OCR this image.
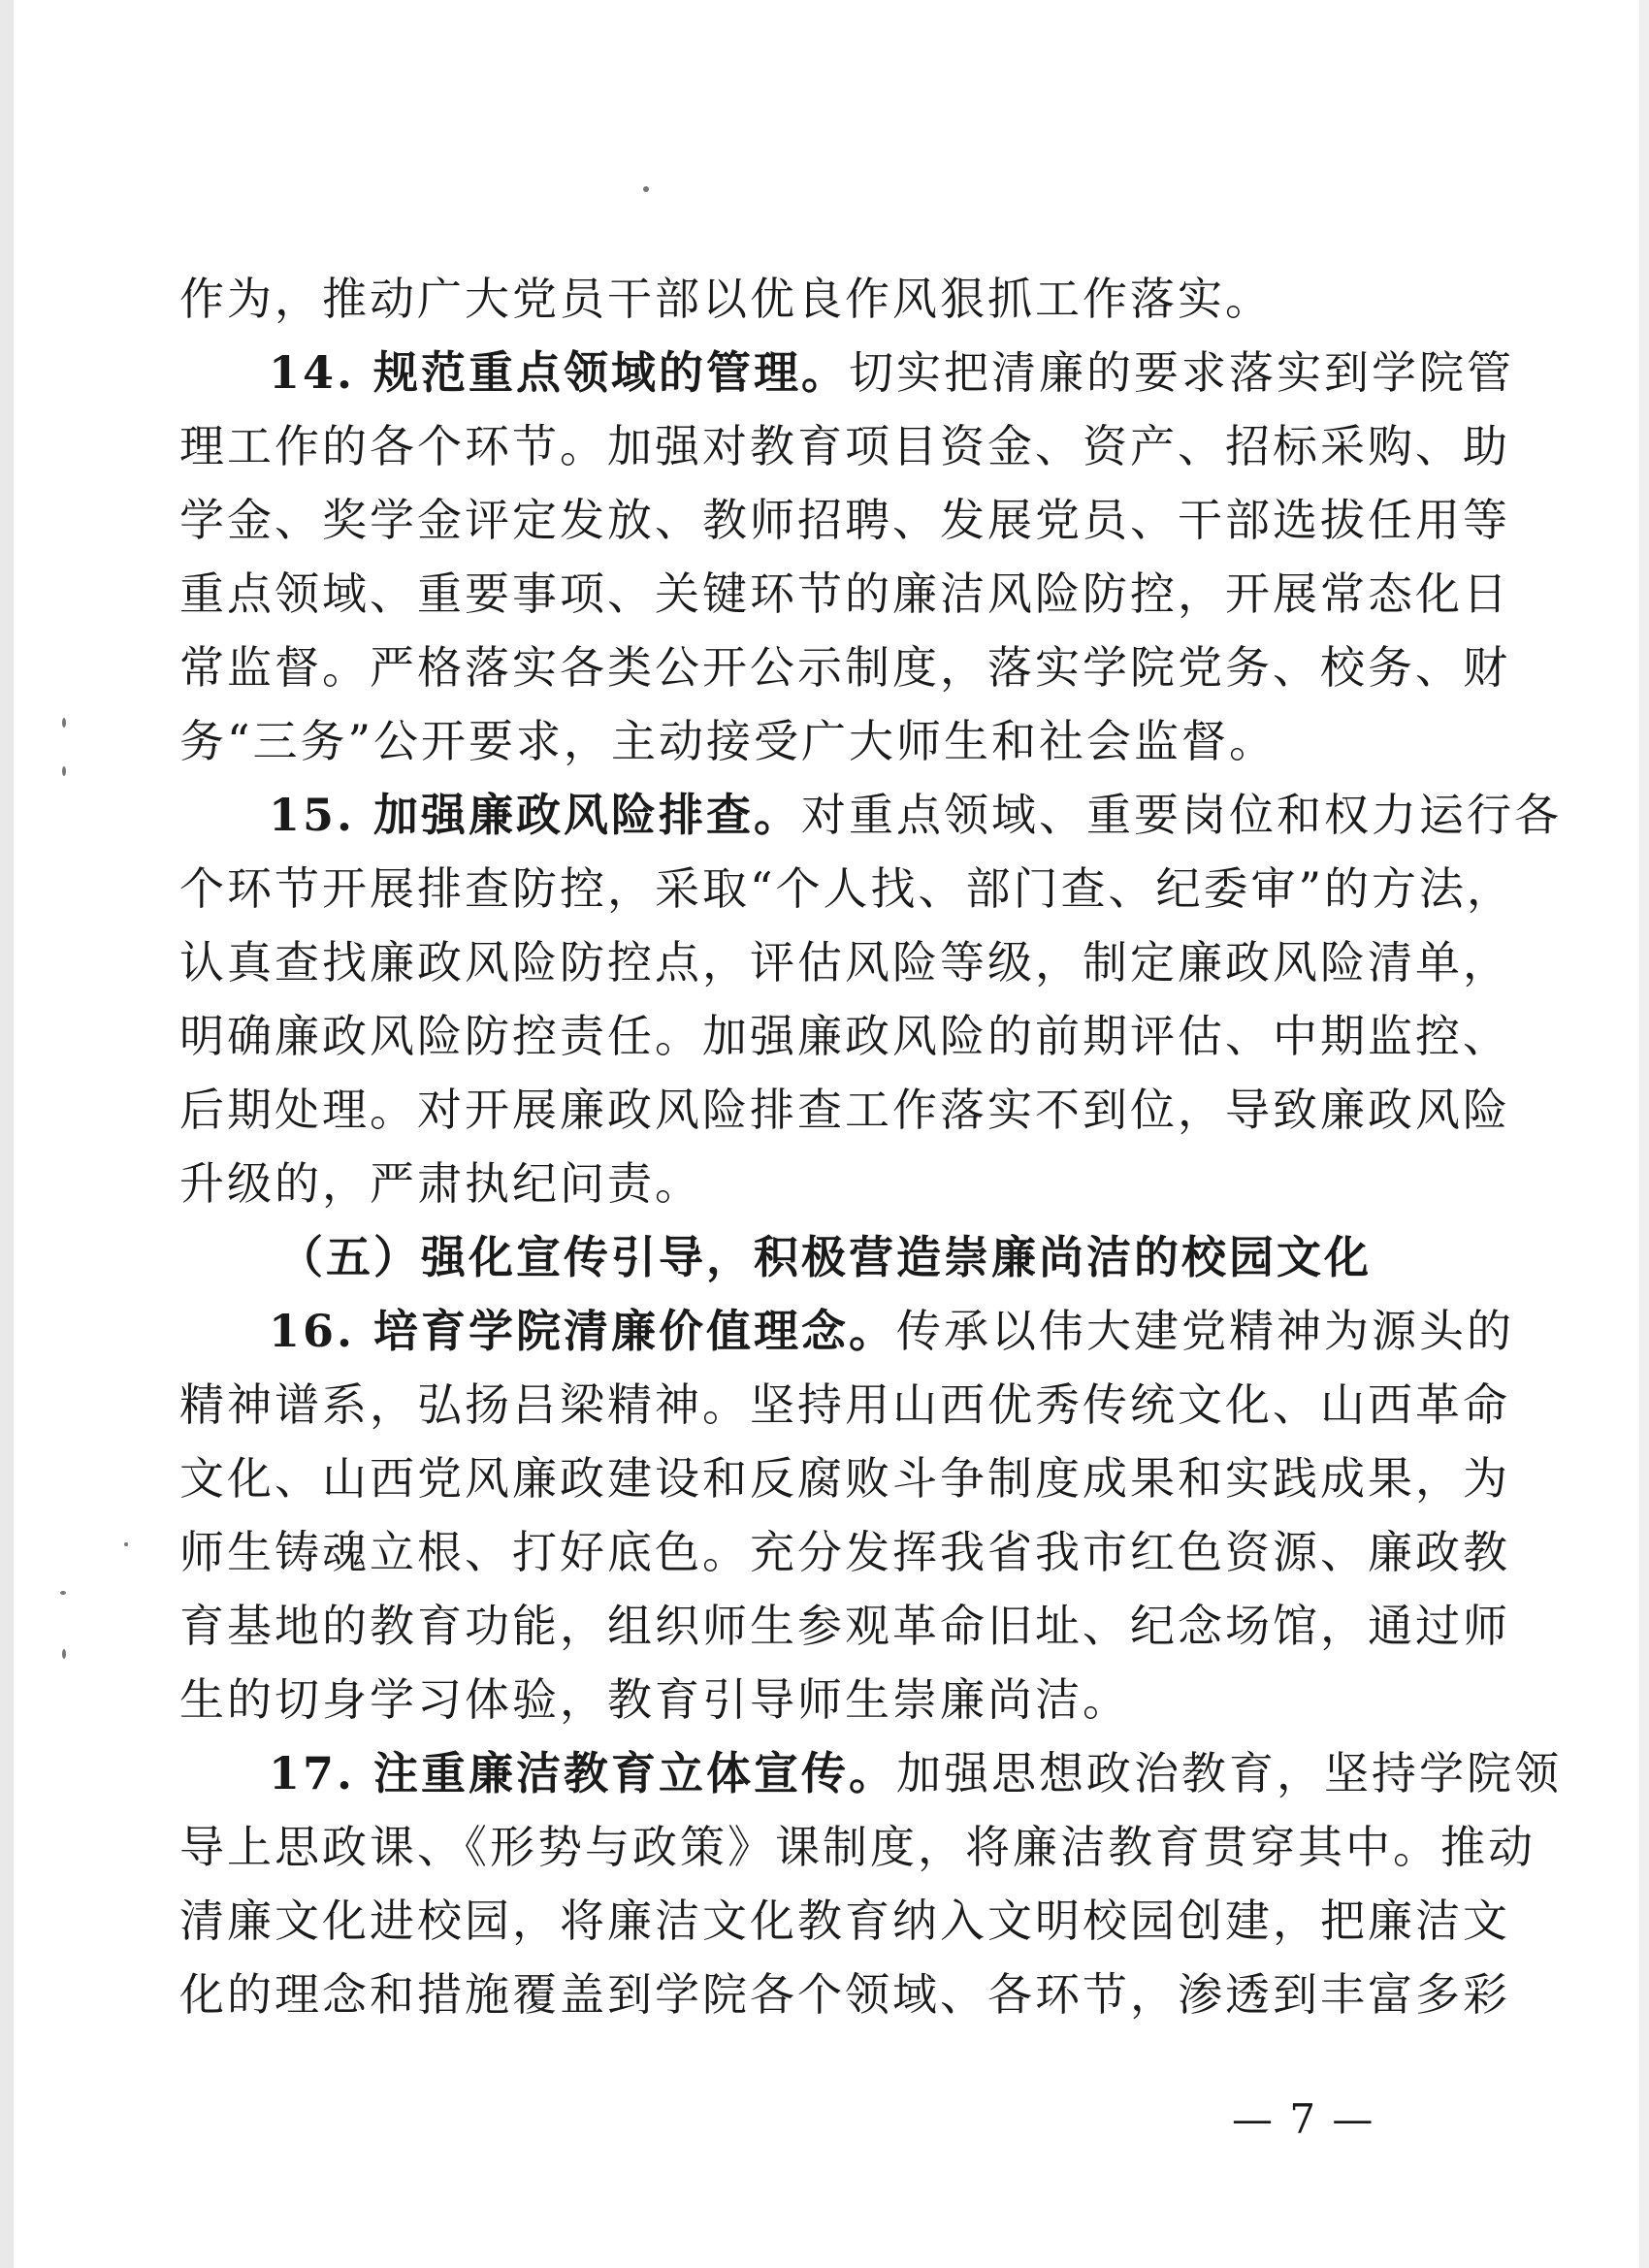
作为，推动广大党员干部以优良作风狠抓工作落实。
14. 规范重点领域的管理。切实把清廉的要求落实到学院管
理工作的各个环节。加强对教育项目资金、资产、招标采购、助
学金、奖学金评定发放、教师招聘、发展党员、干部选拔任用等
重点领域、重要事项、关键环节的廉洁风险防控，开展常态化日
常监督。严格落实各类公开公示制度，落实学院党务、校务、财
务“三务”公开要求，主动接受广大师生和社会监督。
15. 加强廉政风险排查。对重点领域、重要岗位和权力运行各
个环节开展排查防控，采取“个人找、部门查、纪委审”的方法，
认真查找廉政风险防控点，评估风险等级，制定廉政风险清单，
明确廉政风险防控责任。加强廉政风险的前期评估、中期监控、
后期处理。对开展廉政风险排查工作落实不到位，导致廉政风险
升级的，严肃执纪问责。
（五）强化宣传引导，积极营造崇廉尚洁的校园文化
16. 培育学院清廉价值理念。传承以伟大建党精神为源头的
精神谱系，弘扬吕梁精神。坚持用山西优秀传统文化、山西革命
文化、山西党风廉政建设和反腐败斗争制度成果和实践成果，为
师生铸魂立根、打好底色。充分发挥我省我市红色资源、廉政教
育基地的教育功能，组织师生参观革命旧址、纪念场馆，通过师
生的切身学习体验，教育引导师生崇廉尚洁。
17. 注重廉洁教育立体宣传。加强思想政治教育，坚持学院领
导上思政课、《形势与政策》课制度，将廉洁教育贯穿其中。推动
清廉文化进校园，将廉洁文化教育纳入文明校园创建，把廉洁文
化的理念和措施覆盖到学院各个领域、各环节，渗透到丰富多彩
— 7 —
